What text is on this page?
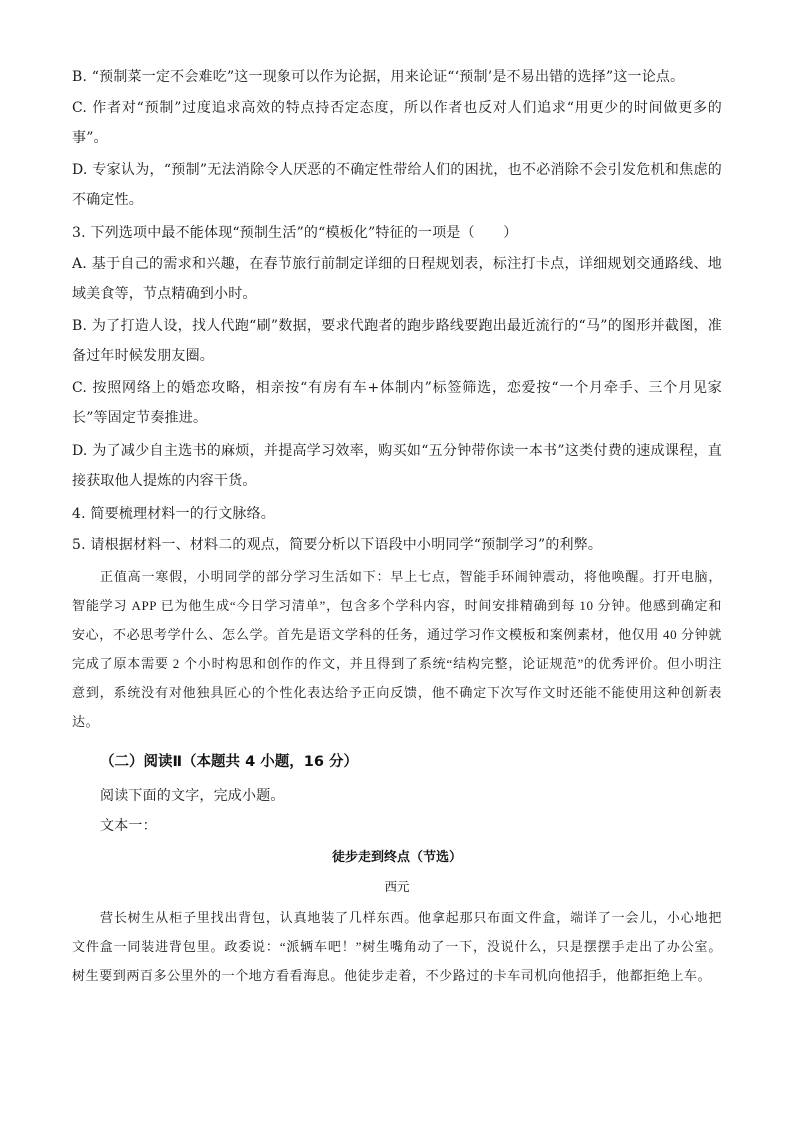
B. “预制菜一定不会难吃”这一现象可以作为论据，用来论证“‘预制’是不易出错的选择”这一论点。

C. 作者对“预制”过度追求高效的特点持否定态度，所以作者也反对人们追求“用更少的时间做更多的事”。

D. 专家认为，“预制”无法消除令人厌恶的不确定性带给人们的困扰，也不必消除不会引发危机和焦虑的不确定性。

3. 下列选项中最不能体现“预制生活”的“模板化”特征的一项是（　　）

A. 基于自己的需求和兴趣，在春节旅行前制定详细的日程规划表，标注打卡点，详细规划交通路线、地域美食等，节点精确到小时。

B. 为了打造人设，找人代跑“刷”数据，要求代跑者的跑步路线要跑出最近流行的“马”的图形并截图，准备过年时候发朋友圈。

C. 按照网络上的婚恋攻略，相亲按“有房有车+体制内”标签筛选，恋爱按“一个月牵手、三个月见家长”等固定节奏推进。

D. 为了减少自主选书的麻烦，并提高学习效率，购买如“五分钟带你读一本书”这类付费的速成课程，直接获取他人提炼的内容干货。

4. 简要梳理材料一的行文脉络。

5. 请根据材料一、材料二的观点，简要分析以下语段中小明同学“预制学习”的利弊。

正值高一寒假，小明同学的部分学习生活如下：早上七点，智能手环闹钟震动，将他唤醒。打开电脑，智能学习 APP 已为他生成“今日学习清单”，包含多个学科内容，时间安排精确到每 10 分钟。他感到确定和安心，不必思考学什么、怎么学。首先是语文学科的任务，通过学习作文模板和案例素材，他仅用 40 分钟就完成了原本需要 2 个小时构思和创作的作文，并且得到了系统“结构完整，论证规范”的优秀评价。但小明注意到，系统没有对他独具匠心的个性化表达给予正向反馈，他不确定下次写作文时还能不能使用这种创新表达。

（二）阅读Ⅱ（本题共 4 小题，16 分）

阅读下面的文字，完成小题。

文本一：

徒步走到终点（节选）

西元

营长树生从柜子里找出背包，认真地装了几样东西。他拿起那只布面文件盒，端详了一会儿，小心地把文件盒一同装进背包里。政委说：“派辆车吧！”树生嘴角动了一下，没说什么，只是摆摆手走出了办公室。树生要到两百多公里外的一个地方看看海息。他徒步走着，不少路过的卡车司机向他招手，他都拒绝上车。
